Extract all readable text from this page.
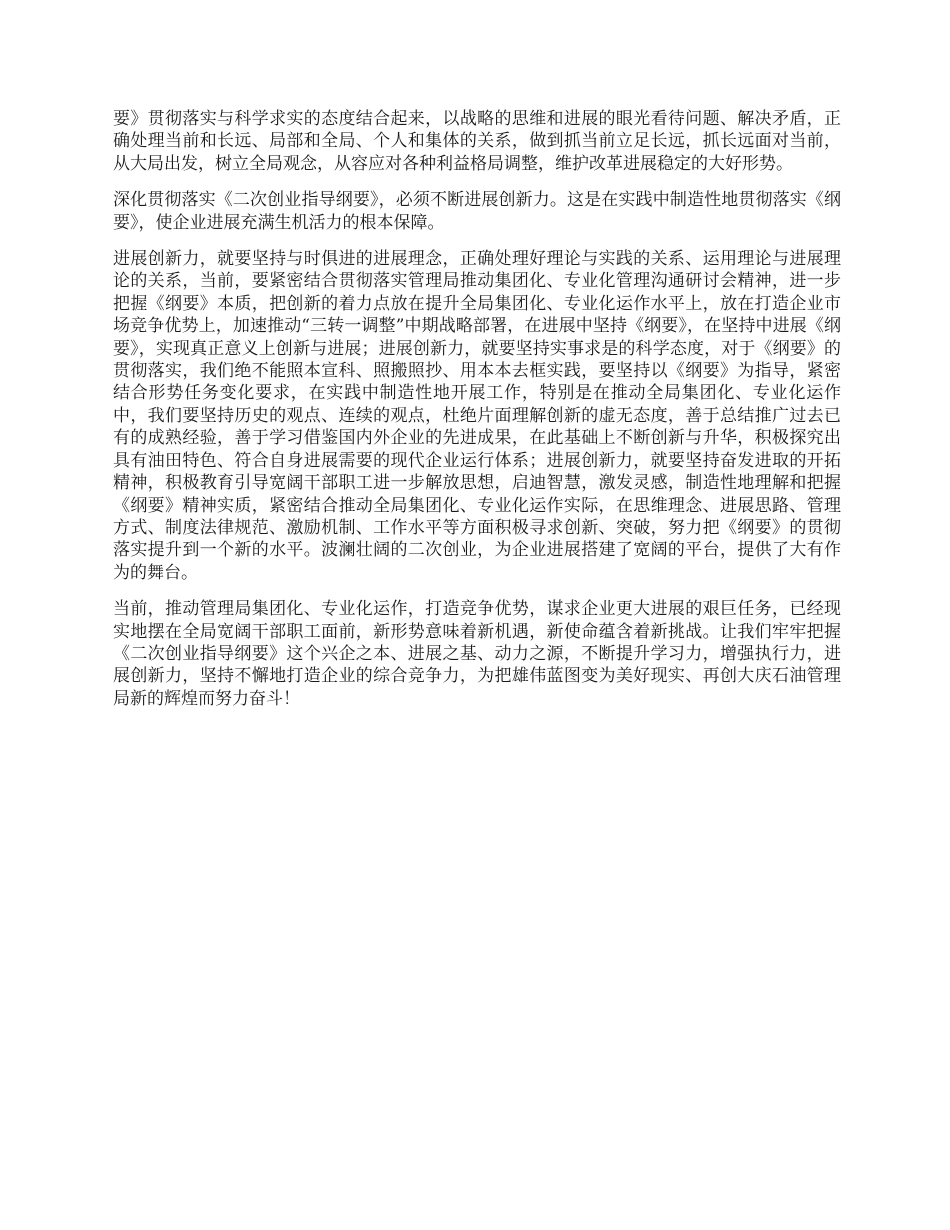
要》贯彻落实与科学求实的态度结合起来，以战略的思维和进展的眼光看待问题、解决矛盾，正确处理当前和长远、局部和全局、个人和集体的关系，做到抓当前立足长远，抓长远面对当前，从大局出发，树立全局观念，从容应对各种利益格局调整，维护改革进展稳定的大好形势。

深化贯彻落实《二次创业指导纲要》，必须不断进展创新力。这是在实践中制造性地贯彻落实《纲要》，使企业进展充满生机活力的根本保障。

进展创新力，就要坚持与时俱进的进展理念，正确处理好理论与实践的关系、运用理论与进展理论的关系，当前，要紧密结合贯彻落实管理局推动集团化、专业化管理沟通研讨会精神，进一步把握《纲要》本质，把创新的着力点放在提升全局集团化、专业化运作水平上，放在打造企业市场竞争优势上，加速推动“三转一调整”中期战略部署，在进展中坚持《纲要》，在坚持中进展《纲要》，实现真正意义上创新与进展；进展创新力，就要坚持实事求是的科学态度，对于《纲要》的贯彻落实，我们绝不能照本宣科、照搬照抄、用本本去框实践，要坚持以《纲要》为指导，紧密结合形势任务变化要求，在实践中制造性地开展工作，特别是在推动全局集团化、专业化运作中，我们要坚持历史的观点、连续的观点，杜绝片面理解创新的虚无态度，善于总结推广过去已有的成熟经验，善于学习借鉴国内外企业的先进成果，在此基础上不断创新与升华，积极探究出具有油田特色、符合自身进展需要的现代企业运行体系；进展创新力，就要坚持奋发进取的开拓精神，积极教育引导宽阔干部职工进一步解放思想，启迪智慧，激发灵感，制造性地理解和把握《纲要》精神实质，紧密结合推动全局集团化、专业化运作实际，在思维理念、进展思路、管理方式、制度法律规范、激励机制、工作水平等方面积极寻求创新、突破，努力把《纲要》的贯彻落实提升到一个新的水平。波澜壮阔的二次创业，为企业进展搭建了宽阔的平台，提供了大有作为的舞台。

当前，推动管理局集团化、专业化运作，打造竞争优势，谋求企业更大进展的艰巨任务，已经现实地摆在全局宽阔干部职工面前，新形势意味着新机遇，新使命蕴含着新挑战。让我们牢牢把握《二次创业指导纲要》这个兴企之本、进展之基、动力之源，不断提升学习力，增强执行力，进展创新力，坚持不懈地打造企业的综合竞争力，为把雄伟蓝图变为美好现实、再创大庆石油管理局新的辉煌而努力奋斗！
